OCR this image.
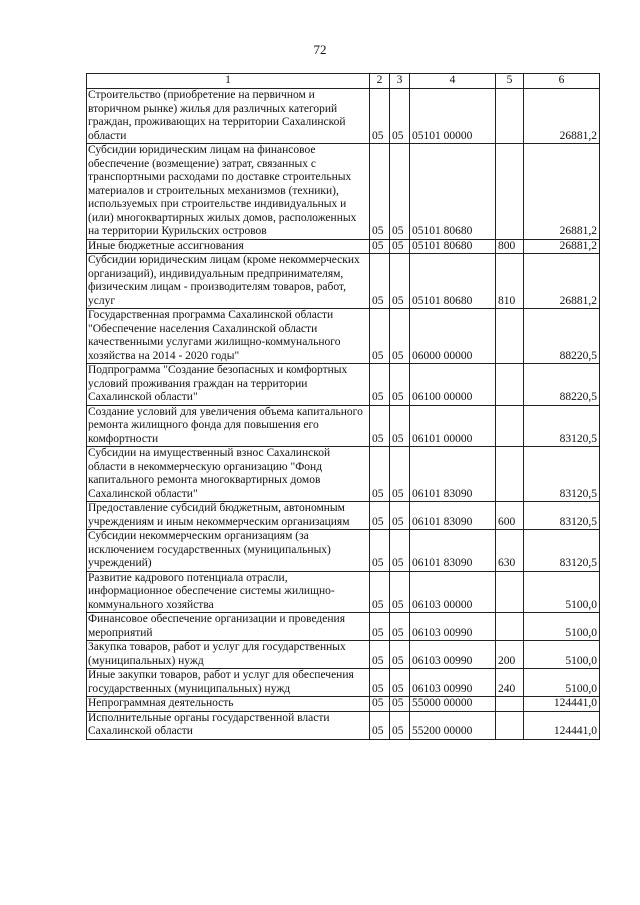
72
1	2	3	4	5	6
Строительство (приобретение на первичном и вторичном рынке) жилья для различных категорий граждан, проживающих на территории Сахалинской области	05	05	05101 00000		26881,2
Субсидии юридическим лицам на финансовое обеспечение (возмещение) затрат, связанных с транспортными расходами по доставке строительных материалов и строительных механизмов (техники), используемых при строительстве индивидуальных и (или) многоквартирных жилых домов, расположенных на территории Курильских островов	05	05	05101 80680		26881,2
Иные бюджетные ассигнования	05	05	05101 80680	800	26881,2
Субсидии юридическим лицам (кроме некоммерческих организаций), индивидуальным предпринимателям, физическим лицам - производителям товаров, работ, услуг	05	05	05101 80680	810	26881,2
Государственная программа Сахалинской области "Обеспечение населения Сахалинской области качественными услугами жилищно-коммунального хозяйства на 2014 - 2020 годы"	05	05	06000 00000		88220,5
Подпрограмма "Создание безопасных и комфортных условий проживания граждан на территории Сахалинской области"	05	05	06100 00000		88220,5
Создание условий для увеличения объема капитального ремонта жилищного фонда для повышения его комфортности	05	05	06101 00000		83120,5
Субсидии на имущественный взнос Сахалинской области в некоммерческую организацию "Фонд капитального ремонта многоквартирных домов Сахалинской области"	05	05	06101 83090		83120,5
Предоставление субсидий бюджетным, автономным учреждениям и иным некоммерческим организациям	05	05	06101 83090	600	83120,5
Субсидии некоммерческим организациям (за исключением государственных (муниципальных) учреждений)	05	05	06101 83090	630	83120,5
Развитие кадрового потенциала отрасли, информационное обеспечение системы жилищно-коммунального хозяйства	05	05	06103 00000		5100,0
Финансовое обеспечение организации и проведения мероприятий	05	05	06103 00990		5100,0
Закупка товаров, работ и услуг для государственных (муниципальных) нужд	05	05	06103 00990	200	5100,0
Иные закупки товаров, работ и услуг для обеспечения государственных (муниципальных) нужд	05	05	06103 00990	240	5100,0
Непрограммная деятельность	05	05	55000 00000		124441,0
Исполнительные органы государственной власти Сахалинской области	05	05	55200 00000		124441,0
